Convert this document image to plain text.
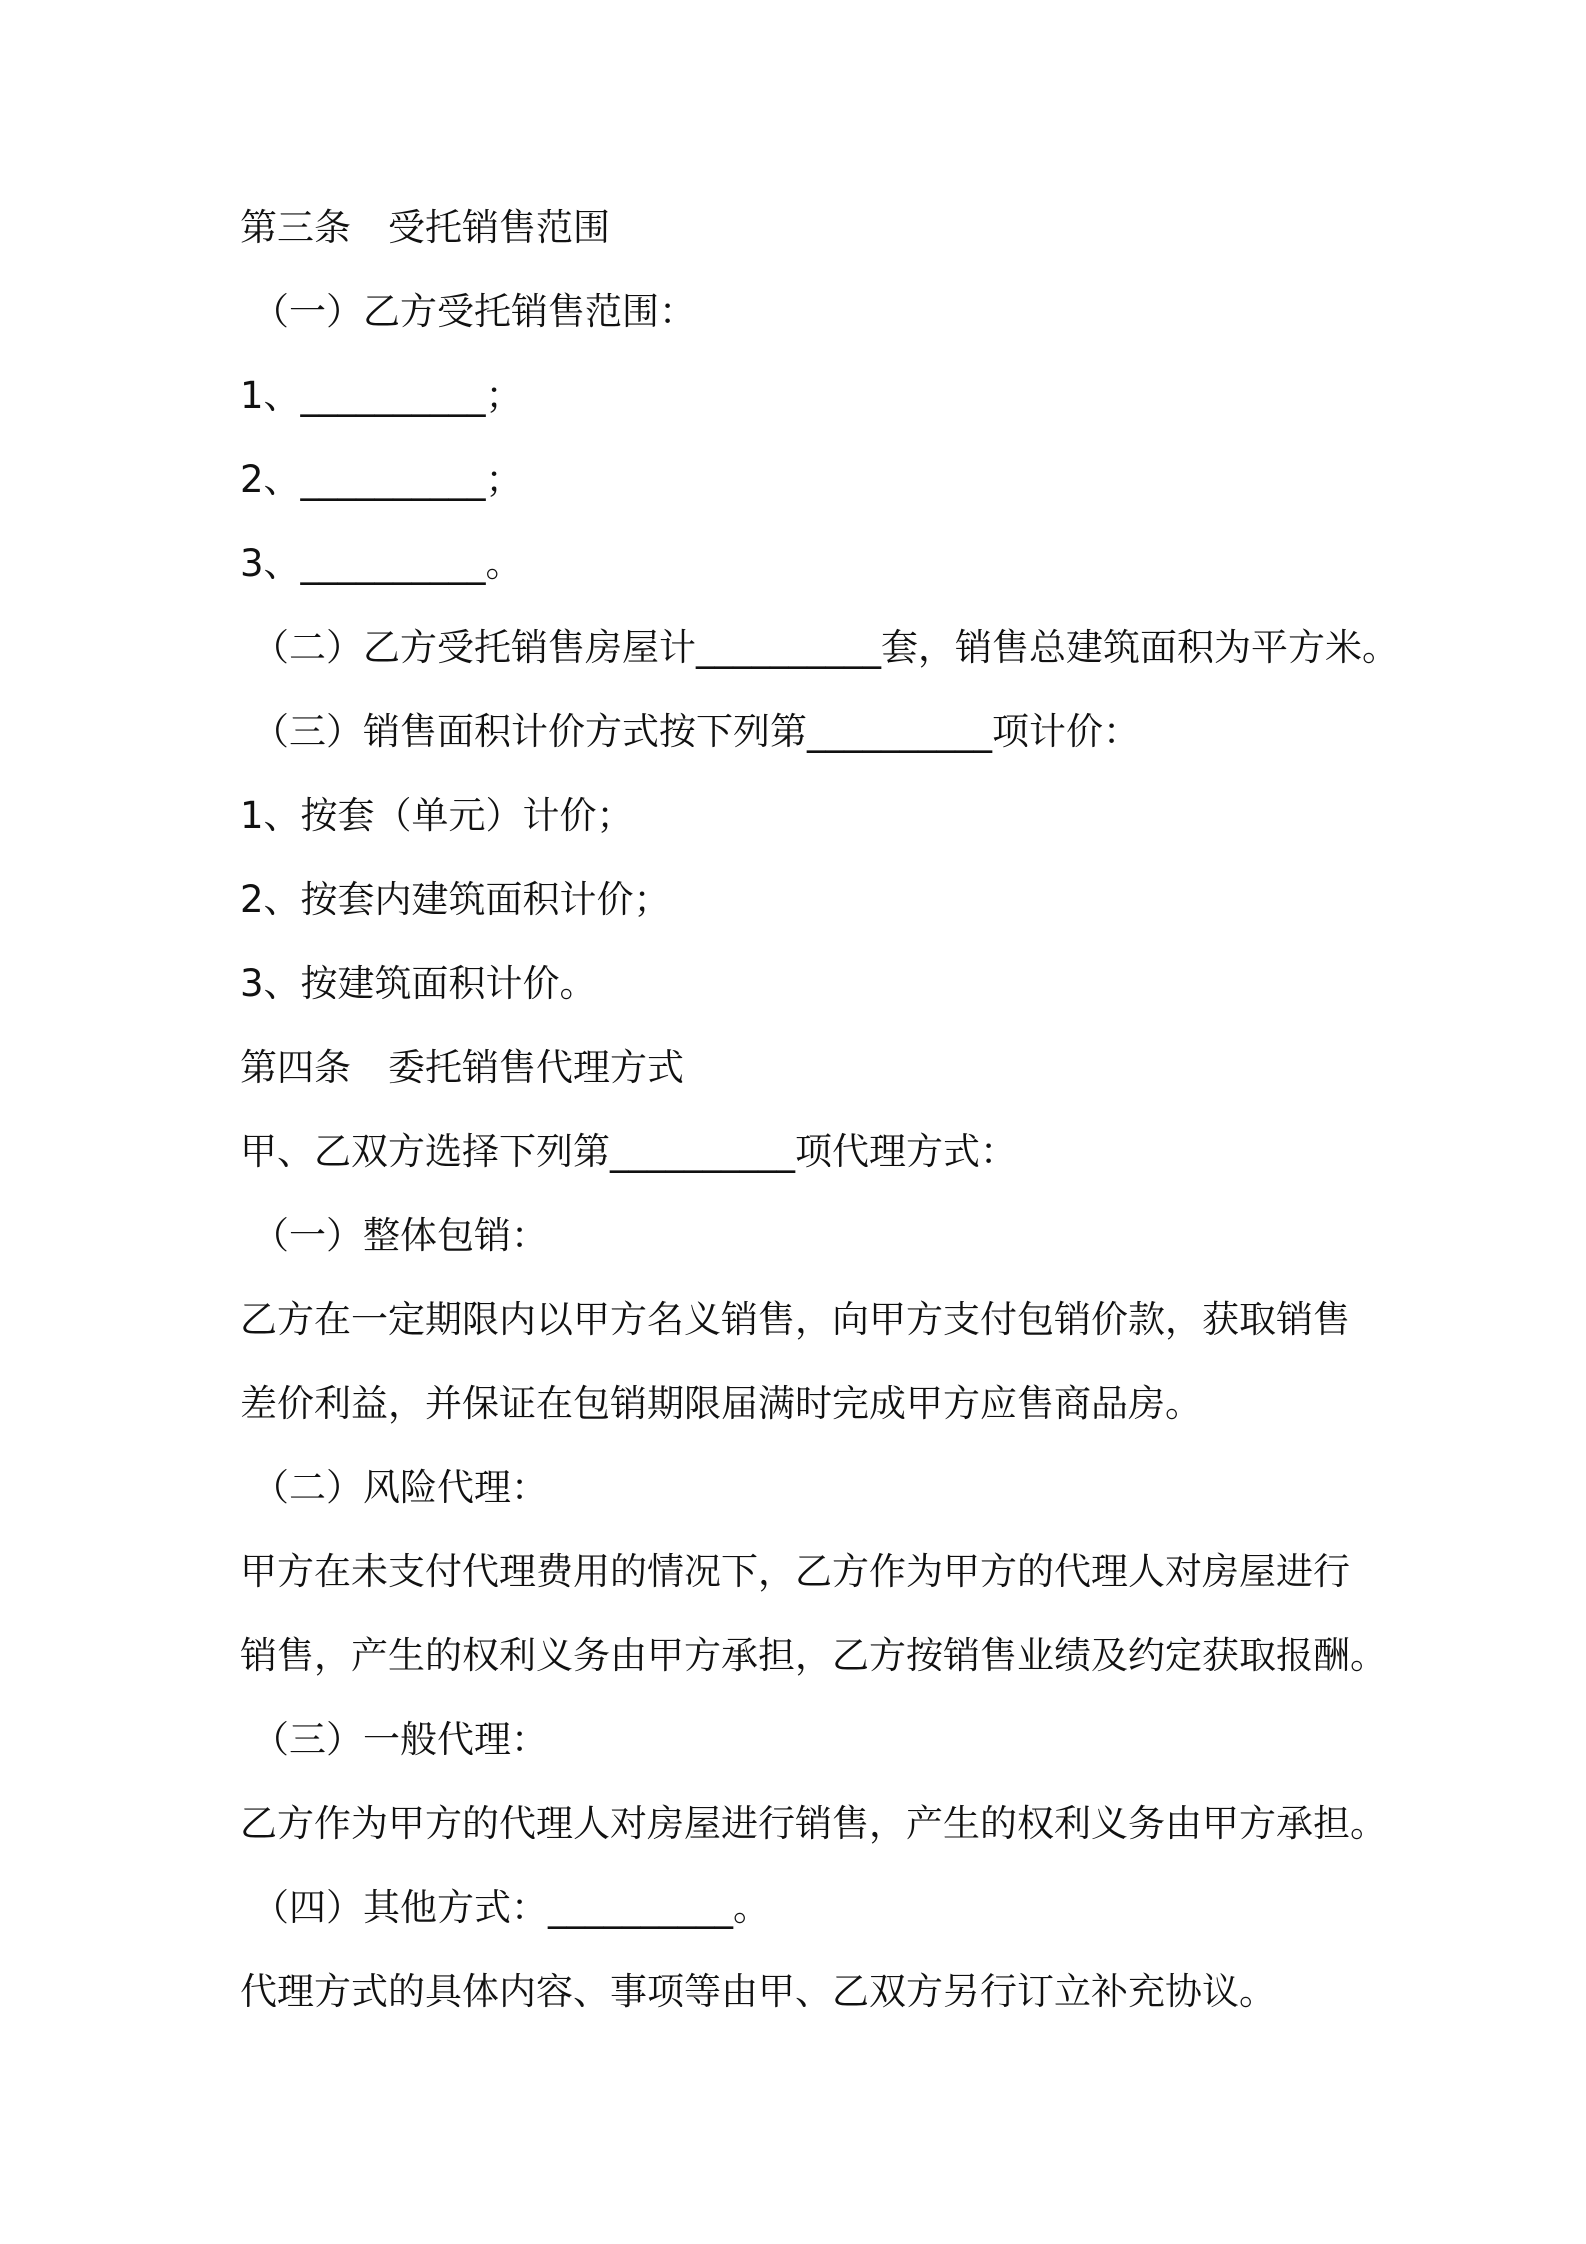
第三条　受托销售范围
（一）乙方受托销售范围：
1、__________；
2、__________；
3、__________。
（二）乙方受托销售房屋计__________套，销售总建筑面积为平方米。
（三）销售面积计价方式按下列第__________项计价：
1、按套（单元）计价；
2、按套内建筑面积计价；
3、按建筑面积计价。
第四条　委托销售代理方式
甲、乙双方选择下列第__________项代理方式：
（一）整体包销：
乙方在一定期限内以甲方名义销售，向甲方支付包销价款，获取销售
差价利益，并保证在包销期限届满时完成甲方应售商品房。
（二）风险代理：
甲方在未支付代理费用的情况下，乙方作为甲方的代理人对房屋进行
销售，产生的权利义务由甲方承担，乙方按销售业绩及约定获取报酬。
（三）一般代理：
乙方作为甲方的代理人对房屋进行销售，产生的权利义务由甲方承担。
（四）其他方式：__________。
代理方式的具体内容、事项等由甲、乙双方另行订立补充协议。
